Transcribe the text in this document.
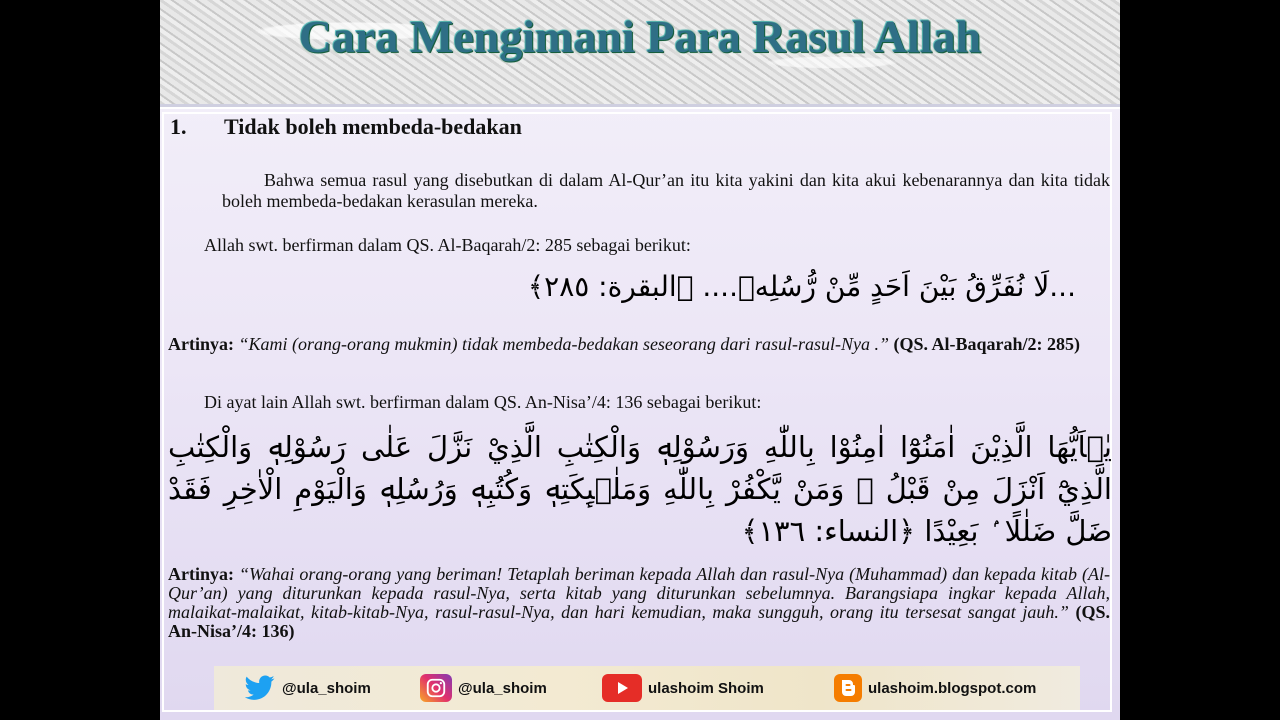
Cara Mengimani Para Rasul Allah
1. Tidak boleh membeda-bedakan
Bahwa semua rasul yang disebutkan di dalam Al-Qur’an itu kita yakini dan kita akui kebenarannya dan kita tidak boleh membeda-bedakan kerasulan mereka.
Allah swt. berfirman dalam QS. Al-Baqarah/2: 285 sebagai berikut:
...لَا نُفَرِّقُ بَيْنَ اَحَدٍ مِّنْ رُّسُلِهٖ.... ﴿البقرة: ٢٨٥﴾
Artinya: “Kami (orang-orang mukmin) tidak membeda-bedakan seseorang dari rasul-rasul-Nya .” (QS. Al-Baqarah/2: 285)
Di ayat lain Allah swt. berfirman dalam QS. An-Nisa’/4: 136 sebagai berikut:
يٰۤاَيُّهَا الَّذِيْنَ اٰمَنُوْٓا اٰمِنُوْا بِاللّٰهِ وَرَسُوْلِهٖ وَالْكِتٰبِ الَّذِيْ نَزَّلَ عَلٰى رَسُوْلِهٖ وَالْكِتٰبِ الَّذِيْٓ اَنْزَلَ مِنْ قَبْلُ ۗ وَمَنْ يَّكْفُرْ بِاللّٰهِ وَمَلٰۤىِٕكَتِهٖ وَكُتُبِهٖ وَرُسُلِهٖ وَالْيَوْمِ الْاٰخِرِ فَقَدْ ضَلَّ ضَلٰلًا ۢ بَعِيْدًا ﴿النساء: ١٣٦﴾
Artinya: “Wahai orang-orang yang beriman! Tetaplah beriman kepada Allah dan rasul-Nya (Muhammad) dan kepada kitab (Al-Qur’an) yang diturunkan kepada rasul-Nya, serta kitab yang diturunkan sebelumnya. Barangsiapa ingkar kepada Allah, malaikat-malaikat, kitab-kitab-Nya, rasul-rasul-Nya, dan hari kemudian, maka sungguh, orang itu tersesat sangat jauh.” (QS. An-Nisa’/4: 136)
@ula_shoim	@ula_shoim	ulashoim Shoim	ulashoim.blogspot.com
